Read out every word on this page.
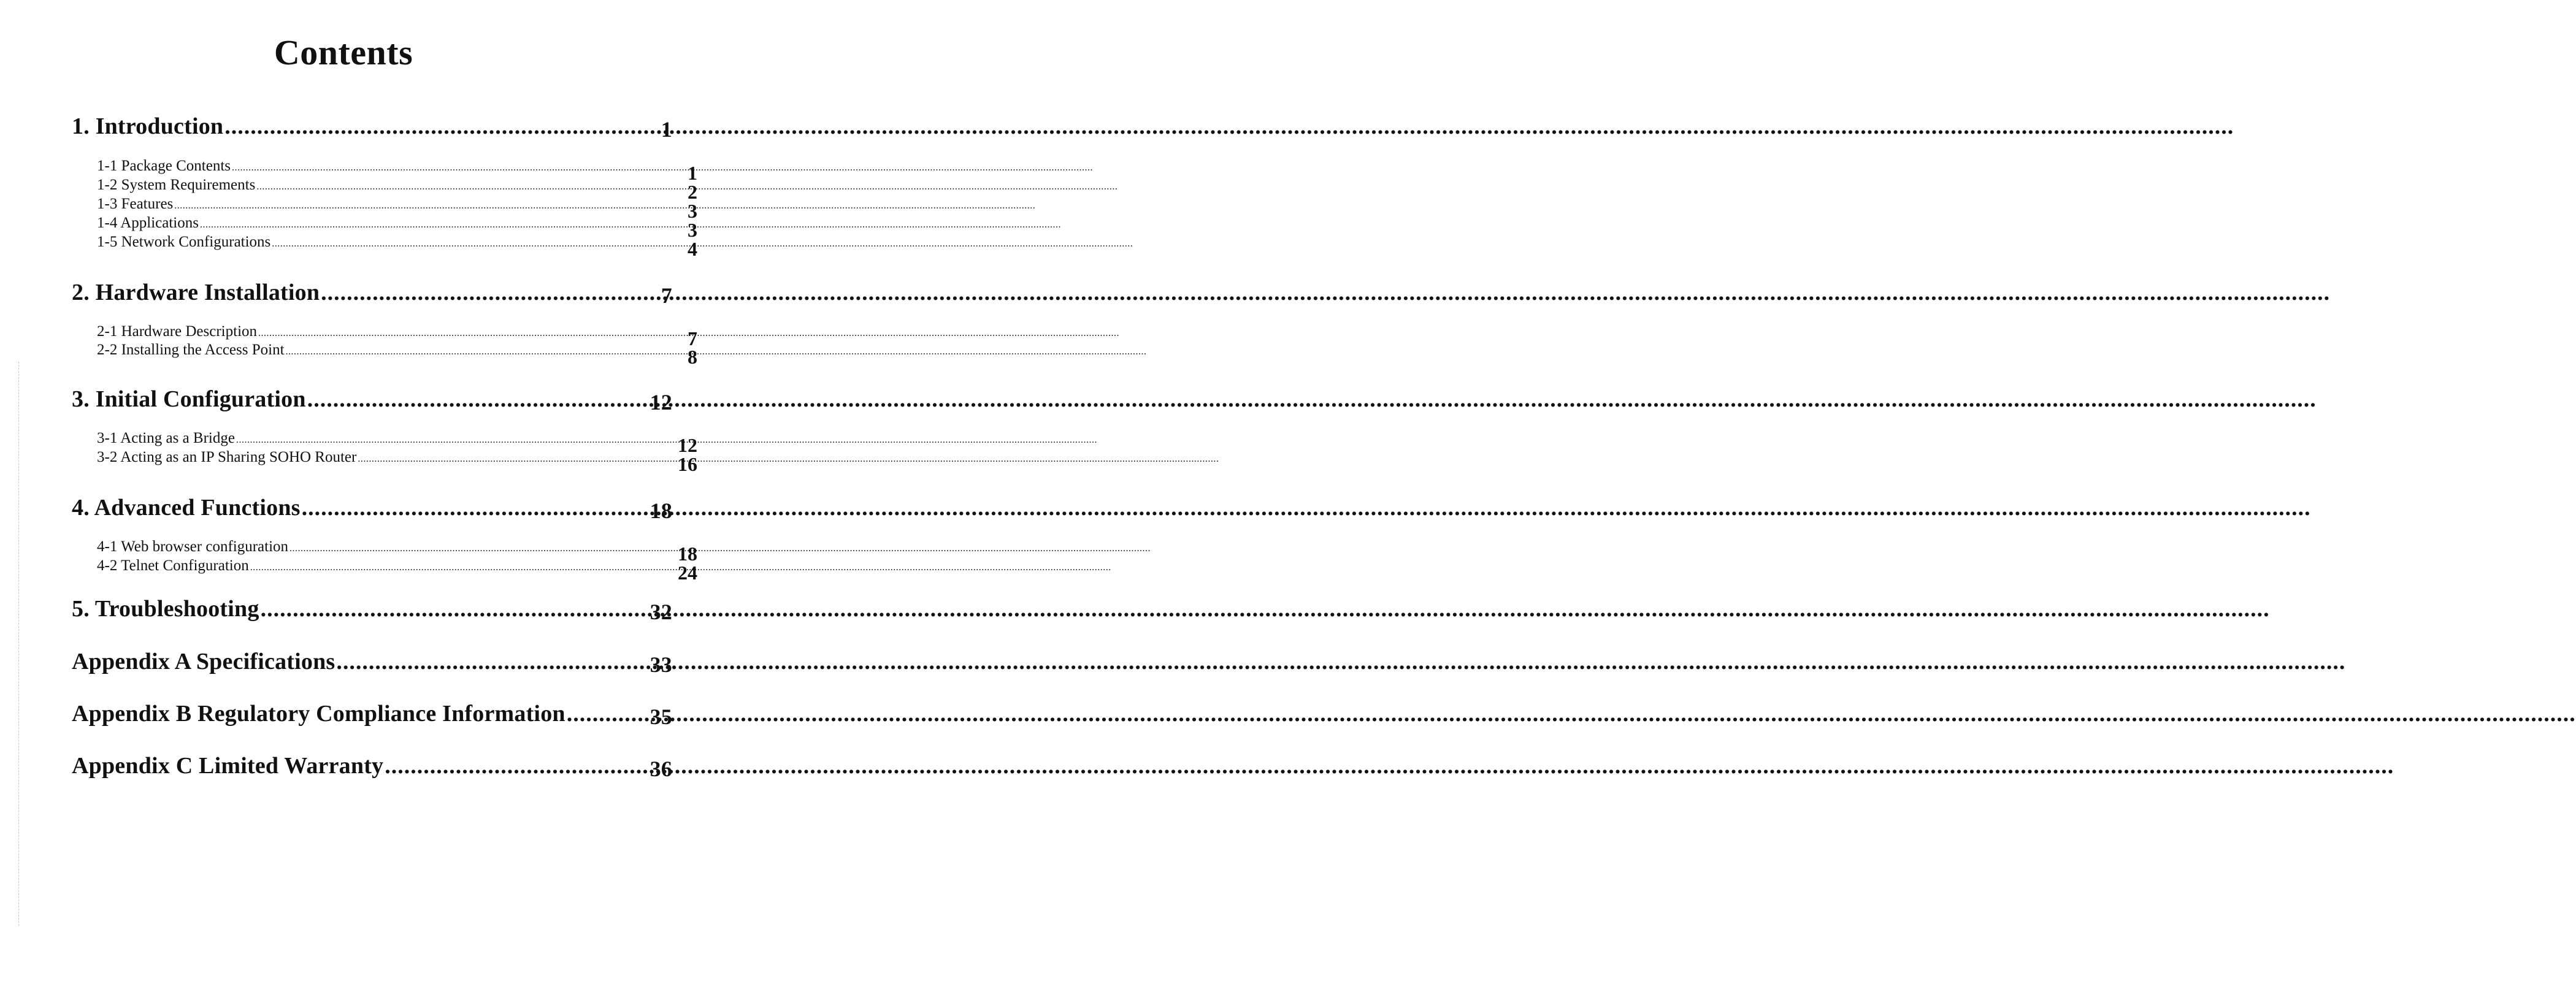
Contents
1. Introduction .....	1
1-1 Package Contents .....	1
1-2 System Requirements .....	2
1-3 Features .....	3
1-4 Applications .....	3
1-5 Network Configurations .....	4
2. Hardware Installation .....	7
2-1 Hardware Description .....	7
2-2 Installing the Access Point .....	8
3. Initial Configuration .....	12
3-1 Acting as a Bridge .....	12
3-2 Acting as an IP Sharing SOHO Router .....	16
4. Advanced Functions .....	18
4-1 Web browser configuration .....	18
4-2 Telnet Configuration .....	24
5. Troubleshooting .....	32
Appendix A Specifications .....	33
Appendix B Regulatory Compliance Information .....	35
Appendix C Limited Warranty .....	36
